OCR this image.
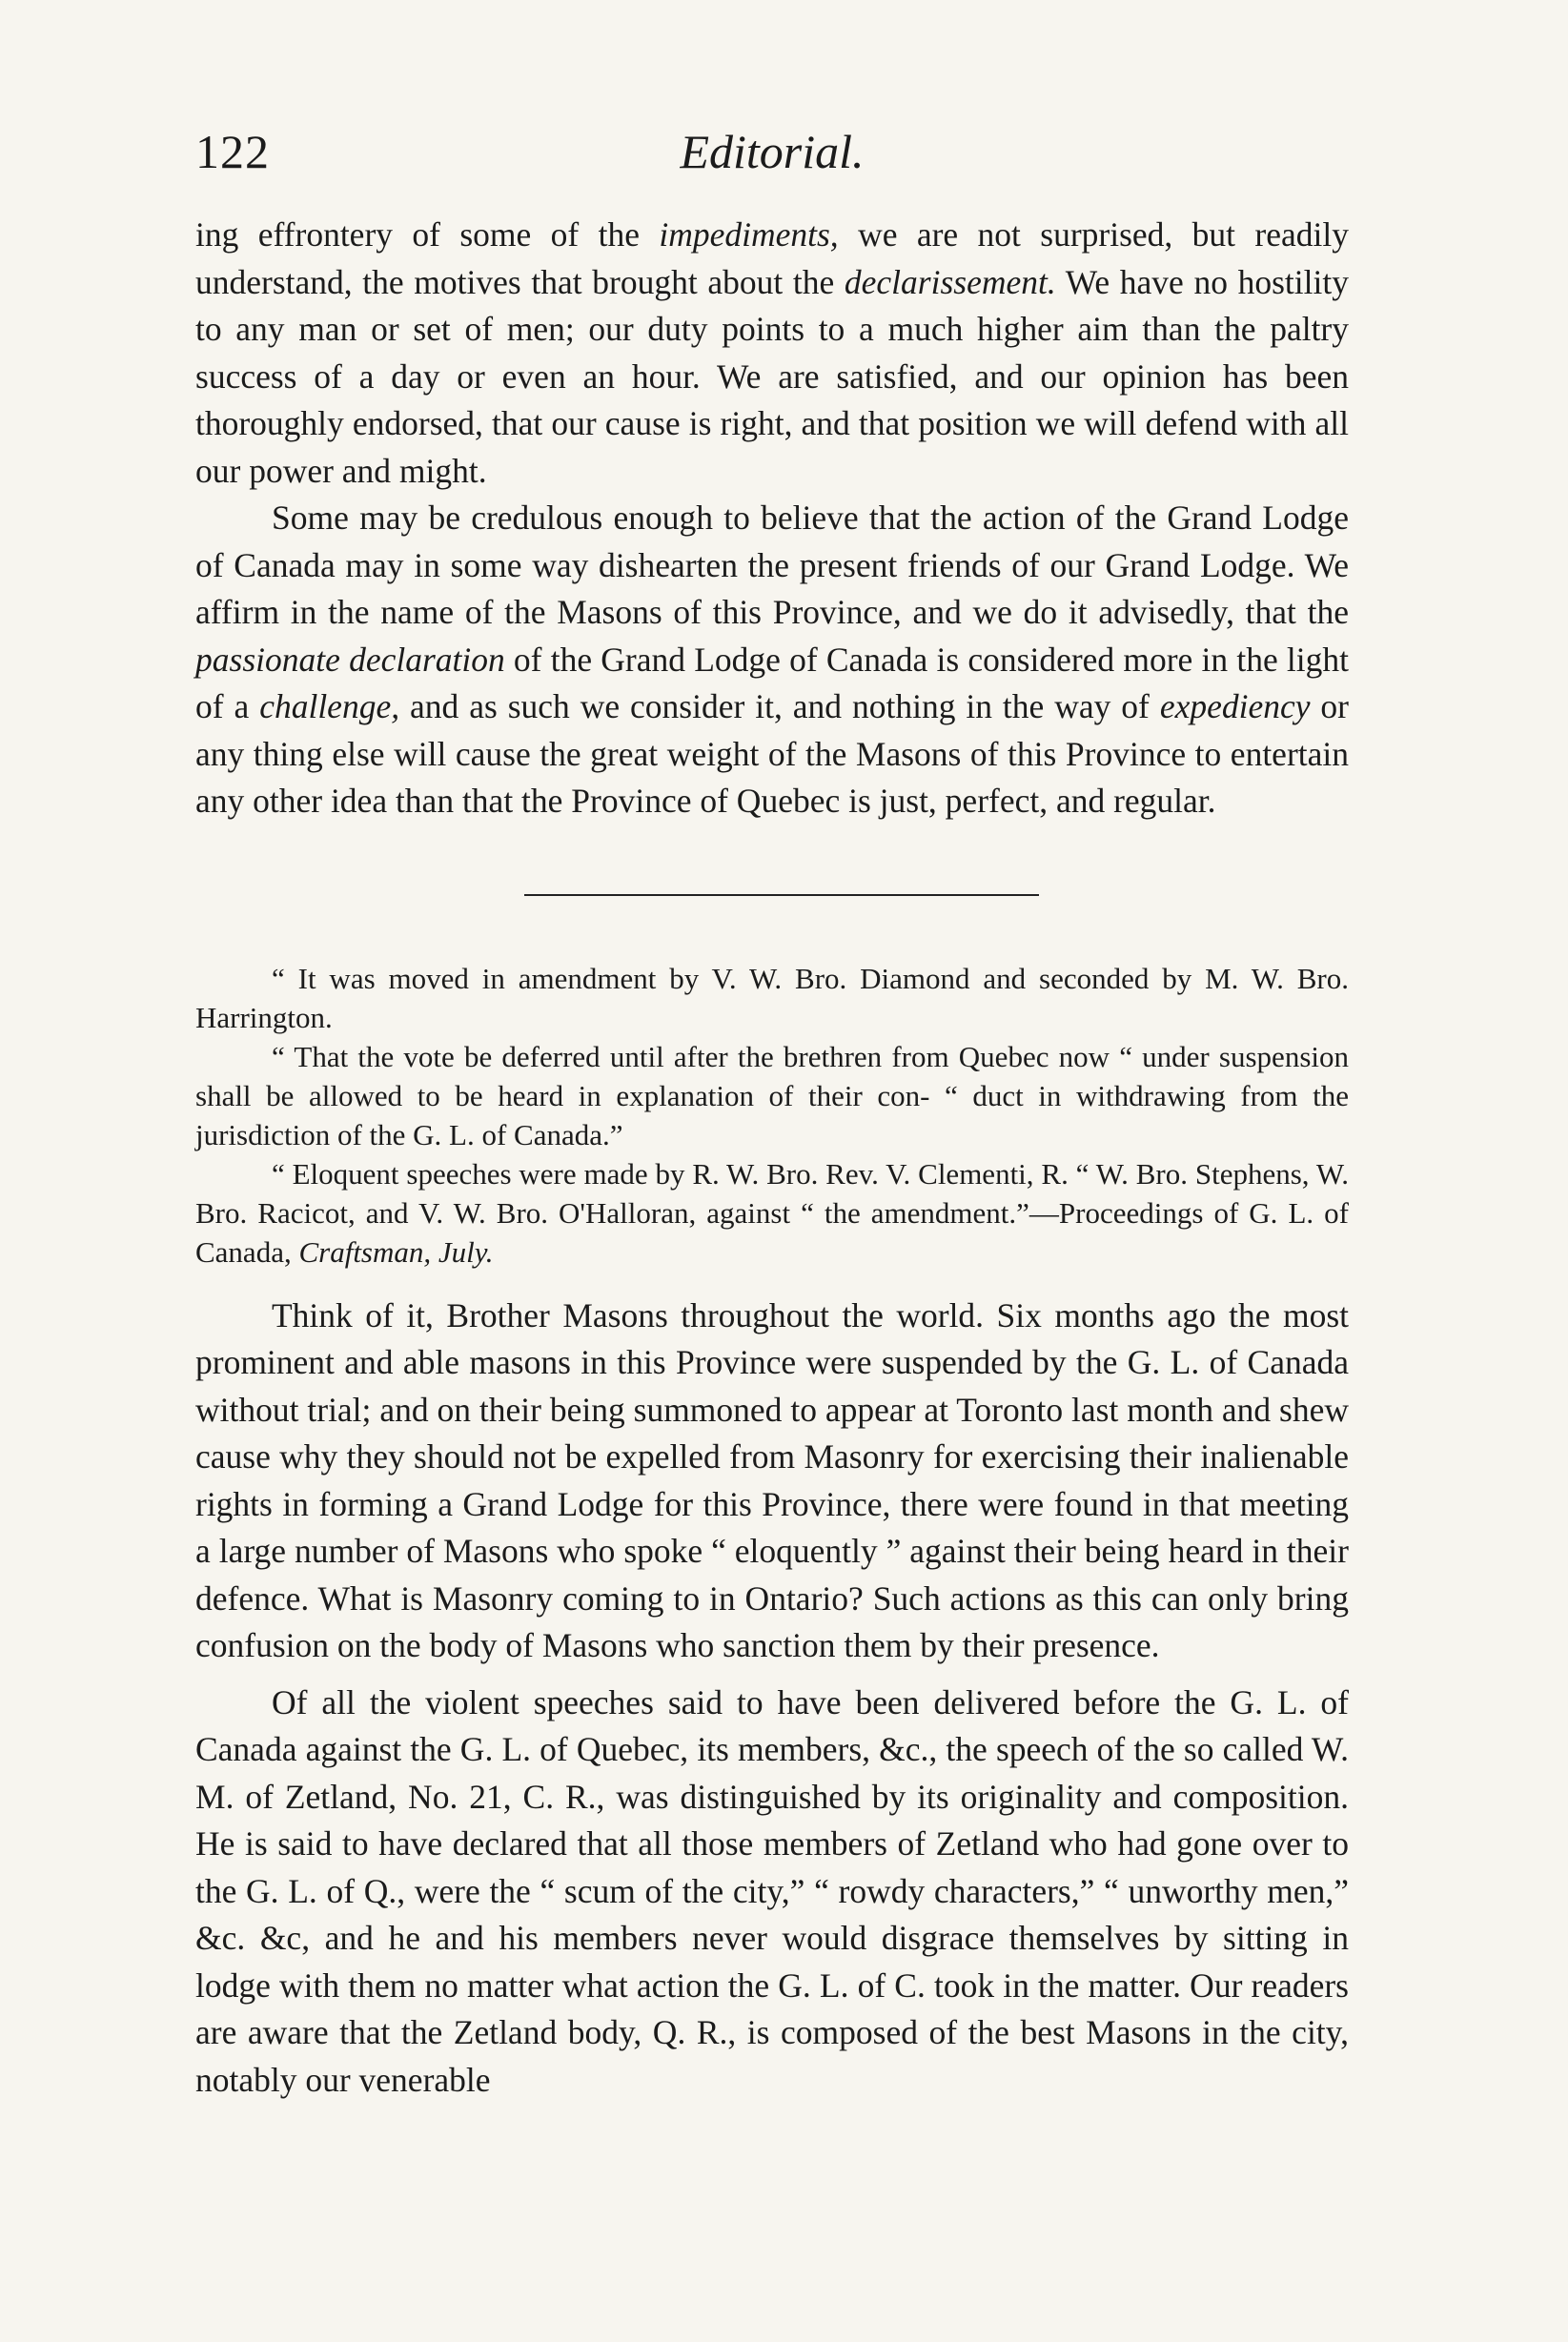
122	Editorial.

ing effrontery of some of the impediments, we are not surprised, but readily understand, the motives that brought about the declarissement. We have no hostility to any man or set of men; our duty points to a much higher aim than the paltry success of a day or even an hour. We are satisfied, and our opinion has been thoroughly endorsed, that our cause is right, and that position we will defend with all our power and might.

Some may be credulous enough to believe that the action of the Grand Lodge of Canada may in some way dishearten the present friends of our Grand Lodge. We affirm in the name of the Masons of this Province, and we do it advisedly, that the passionate declaration of the Grand Lodge of Canada is considered more in the light of a challenge, and as such we consider it, and nothing in the way of expediency or any thing else will cause the great weight of the Masons of this Province to entertain any other idea than that the Province of Quebec is just, perfect, and regular.

“ It was moved in amendment by V. W. Bro. Diamond and seconded by M. W. Bro. Harrington.

“ That the vote be deferred until after the brethren from Quebec now “ under suspension shall be allowed to be heard in explanation of their con- “ duct in withdrawing from the jurisdiction of the G. L. of Canada.”

“ Eloquent speeches were made by R. W. Bro. Rev. V. Clementi, R. “ W. Bro. Stephens, W. Bro. Racicot, and V. W. Bro. O'Halloran, against “ the amendment.”—Proceedings of G. L. of Canada, Craftsman, July.

Think of it, Brother Masons throughout the world. Six months ago the most prominent and able masons in this Province were suspended by the G. L. of Canada without trial; and on their being summoned to appear at Toronto last month and shew cause why they should not be expelled from Masonry for exercising their inalienable rights in forming a Grand Lodge for this Province, there were found in that meeting a large number of Masons who spoke “ eloquently ” against their being heard in their defence. What is Masonry coming to in Ontario? Such actions as this can only bring confusion on the body of Masons who sanction them by their presence.

Of all the violent speeches said to have been delivered before the G. L. of Canada against the G. L. of Quebec, its members, &c., the speech of the so called W. M. of Zetland, No. 21, C. R., was distinguished by its originality and composition. He is said to have declared that all those members of Zetland who had gone over to the G. L. of Q., were the “ scum of the city,” “ rowdy characters,” “ unworthy men,” &c. &c, and he and his members never would disgrace themselves by sitting in lodge with them no matter what action the G. L. of C. took in the matter. Our readers are aware that the Zetland body, Q. R., is composed of the best Masons in the city, notably our venerable
